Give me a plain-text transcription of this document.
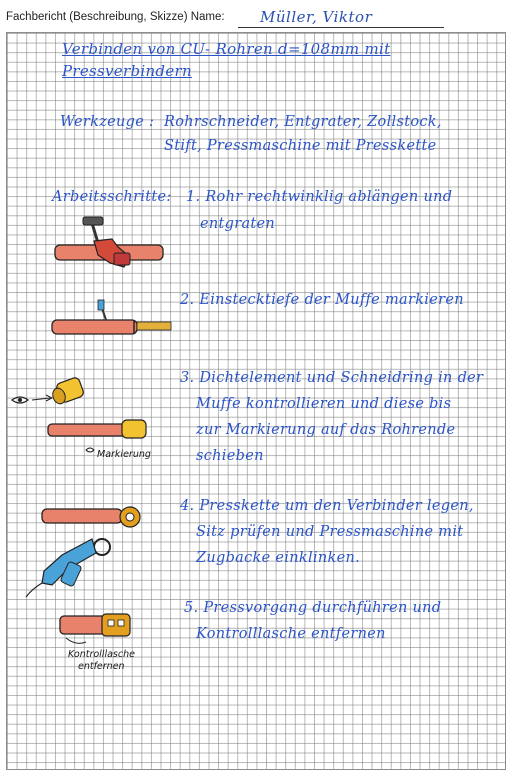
Fachbericht (Beschreibung, Skizze) Name: Müller, Viktor
Verbinden von CU- Rohren d=108mm mit
Pressverbindern
Werkzeuge : Rohrschneider, Entgrater, Zollstock,
Stift, Pressmaschine mit Presskette
Arbeitsschritte: 1. Rohr rechtwinklig ablängen und
entgraten
2. Einstecktiefe der Muffe markieren
3. Dichtelement und Schneidring in der
Muffe kontrollieren und diese bis
zur Markierung auf das Rohrende
schieben
4. Presskette um den Verbinder legen,
Sitz prüfen und Pressmaschine mit
Zugbacke einklinken.
5. Pressvorgang durchführen und
Kontrolllasche entfernen
Markierung
Kontrolllasche
entfernen
